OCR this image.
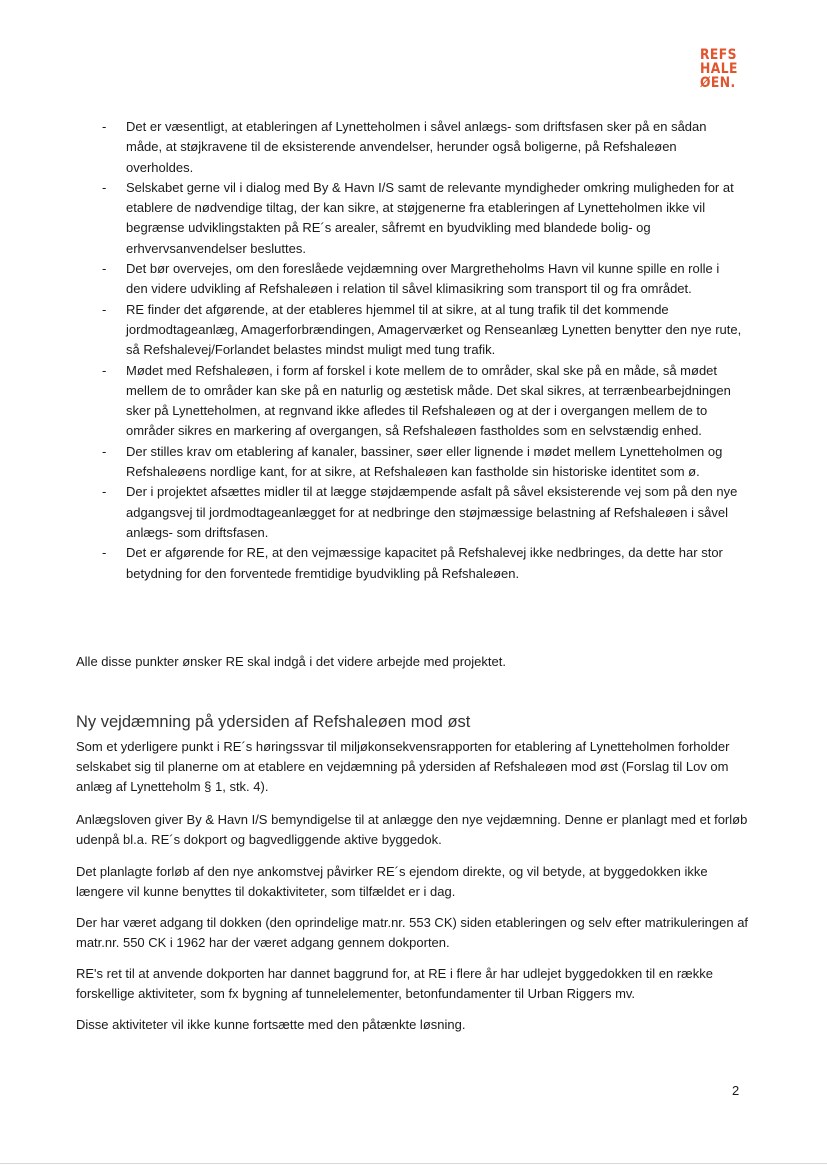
REFS
HALE
ØEN.
- Det er væsentligt, at etableringen af Lynetteholmen i såvel anlægs- som driftsfasen sker på en sådan måde, at støjkravene til de eksisterende anvendelser, herunder også boligerne, på Refshaleøen overholdes.
- Selskabet gerne vil i dialog med By & Havn I/S samt de relevante myndigheder omkring muligheden for at etablere de nødvendige tiltag, der kan sikre, at støjgenerne fra etableringen af Lynetteholmen ikke vil begrænse udviklingstakten på RE´s arealer, såfremt en byudvikling med blandede bolig- og erhvervsanvendelser besluttes.
- Det bør overvejes, om den foreslåede vejdæmning over Margretheholms Havn vil kunne spille en rolle i den videre udvikling af Refshaleøen i relation til såvel klimasikring som transport til og fra området.
- RE finder det afgørende, at der etableres hjemmel til at sikre, at al tung trafik til det kommende jordmodtageanlæg, Amagerforbrændingen, Amagerværket og Renseanlæg Lynetten benytter den nye rute, så Refshalevej/Forlandet belastes mindst muligt med tung trafik.
- Mødet med Refshaleøen, i form af forskel i kote mellem de to områder, skal ske på en måde, så mødet mellem de to områder kan ske på en naturlig og æstetisk måde. Det skal sikres, at terrænbearbejdningen sker på Lynetteholmen, at regnvand ikke afledes til Refshaleøen og at der i overgangen mellem de to områder sikres en markering af overgangen, så Refshaleøen fastholdes som en selvstændig enhed.
- Der stilles krav om etablering af kanaler, bassiner, søer eller lignende i mødet mellem Lynetteholmen og Refshaleøens nordlige kant, for at sikre, at Refshaleøen kan fastholde sin historiske identitet som ø.
- Der i projektet afsættes midler til at lægge støjdæmpende asfalt på såvel eksisterende vej som på den nye adgangsvej til jordmodtageanlægget for at nedbringe den støjmæssige belastning af Refshaleøen i såvel anlægs- som driftsfasen.
- Det er afgørende for RE, at den vejmæssige kapacitet på Refshalevej ikke nedbringes, da dette har stor betydning for den forventede fremtidige byudvikling på Refshaleøen.

Alle disse punkter ønsker RE skal indgå i det videre arbejde med projektet.

Ny vejdæmning på ydersiden af Refshaleøen mod øst

Som et yderligere punkt i RE´s høringssvar til miljøkonsekvensrapporten for etablering af Lynetteholmen forholder selskabet sig til planerne om at etablere en vejdæmning på ydersiden af Refshaleøen mod øst (Forslag til Lov om anlæg af Lynetteholm § 1, stk. 4).

Anlægsloven giver By & Havn I/S bemyndigelse til at anlægge den nye vejdæmning. Denne er planlagt med et forløb udenpå bl.a. RE´s dokport og bagvedliggende aktive byggedok.

Det planlagte forløb af den nye ankomstvej påvirker RE´s ejendom direkte, og vil betyde, at byggedokken ikke længere vil kunne benyttes til dokaktiviteter, som tilfældet er i dag.

Der har været adgang til dokken (den oprindelige matr.nr. 553 CK) siden etableringen og selv efter matrikuleringen af matr.nr. 550 CK i 1962 har der været adgang gennem dokporten.

RE's ret til at anvende dokporten har dannet baggrund for, at RE i flere år har udlejet byggedokken til en række forskellige aktiviteter, som fx bygning af tunnelelementer, betonfundamenter til Urban Riggers mv.

Disse aktiviteter vil ikke kunne fortsætte med den påtænkte løsning.

2
